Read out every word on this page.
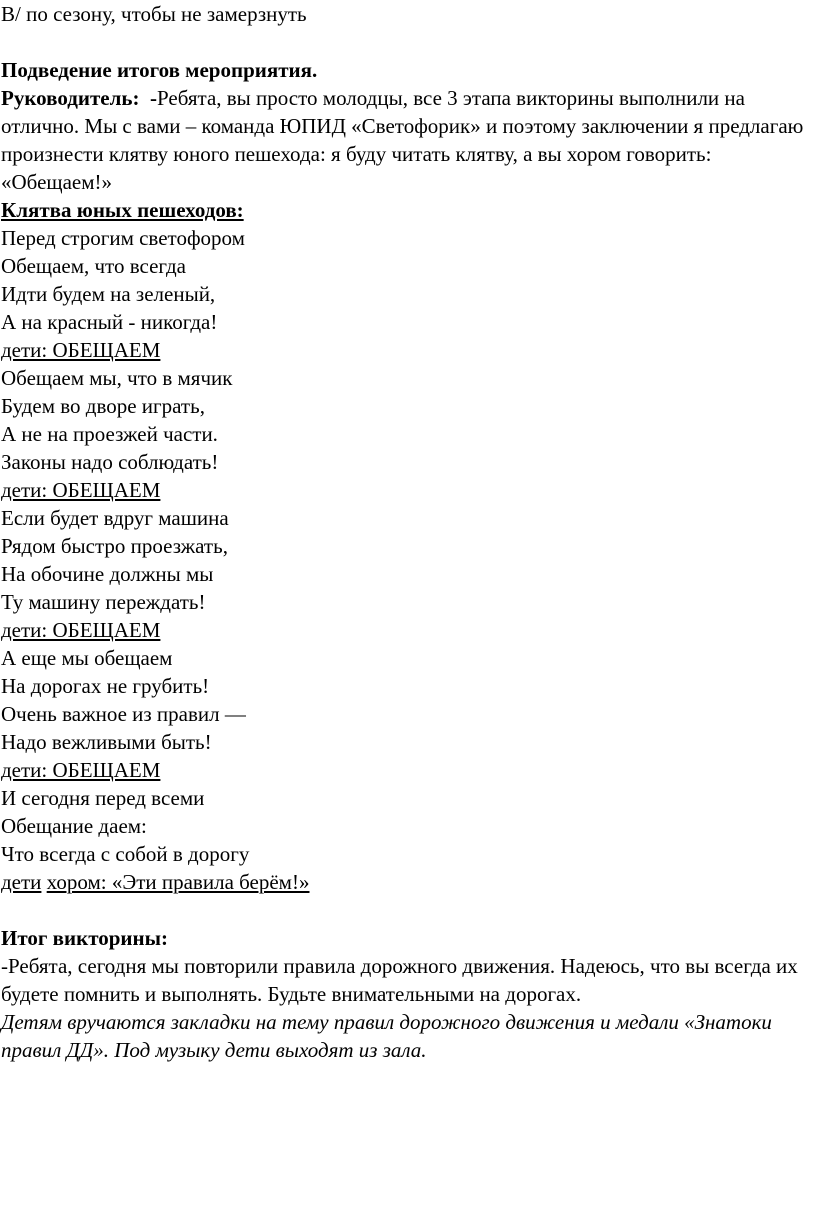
В/ по сезону, чтобы не замерзнуть
Подведение итогов мероприятия.
Руководитель: -Ребята, вы просто молодцы, все 3 этапа викторины выполнили на отлично. Мы с вами – команда ЮПИД «Светофорик» и поэтому заключении я предлагаю произнести клятву юного пешехода: я буду читать клятву, а вы хором говорить: «Обещаем!»
Клятва юных пешеходов:
Перед строгим светофором
Обещаем, что всегда
Идти будем на зеленый,
А на красный - никогда!
дети: ОБЕЩАЕМ
Обещаем мы, что в мячик
Будем во дворе играть,
А не на проезжей части.
Законы надо соблюдать!
дети: ОБЕЩАЕМ
Если будет вдруг машина
Рядом быстро проезжать,
На обочине должны мы
Ту машину переждать!
дети: ОБЕЩАЕМ
А еще мы обещаем
На дорогах не грубить!
Очень важное из правил —
Надо вежливыми быть!
дети: ОБЕЩАЕМ
И сегодня перед всеми
Обещание даем:
Что всегда с собой в дорогу
дети хором: «Эти правила берём!»
Итог викторины:
-Ребята, сегодня мы повторили правила дорожного движения. Надеюсь, что вы всегда их будете помнить и выполнять. Будьте внимательными на дорогах.
Детям вручаются закладки на тему правил дорожного движения и медали «Знатоки правил ДД». Под музыку дети выходят из зала.
